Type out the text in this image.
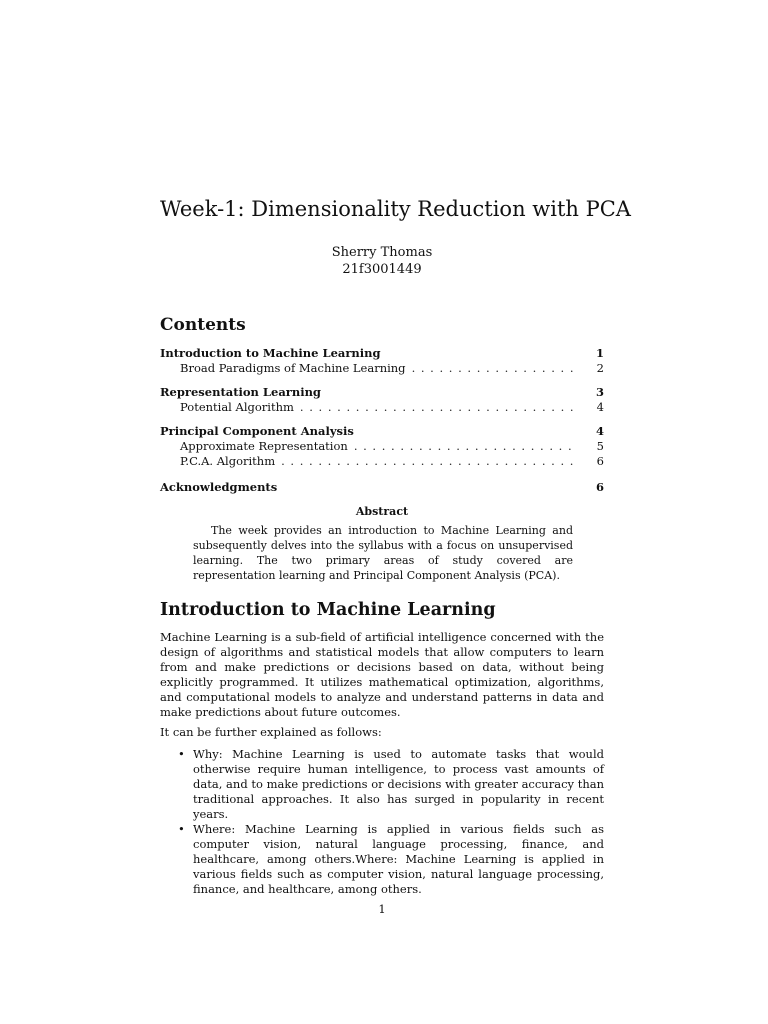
Week-1: Dimensionality Reduction with PCA
Sherry Thomas
21f3001449
Contents
Introduction to Machine Learning	1
Broad Paradigms of Machine Learning . . .	2
Representation Learning	3
Potential Algorithm . . .	4
Principal Component Analysis	4
Approximate Representation . . .	5
P.C.A. Algorithm . . .	6
Acknowledgments	6
Abstract
The week provides an introduction to Machine Learning and subsequently delves into the syllabus with a focus on unsupervised learning. The two primary areas of study covered are representation learning and Principal Component Analysis (PCA).
Introduction to Machine Learning
Machine Learning is a sub-field of artificial intelligence concerned with the design of algorithms and statistical models that allow computers to learn from and make predictions or decisions based on data, without being explicitly programmed. It utilizes mathematical optimization, algorithms, and computational models to analyze and understand patterns in data and make predictions about future outcomes.
It can be further explained as follows:
• Why: Machine Learning is used to automate tasks that would otherwise require human intelligence, to process vast amounts of data, and to make predictions or decisions with greater accuracy than traditional approaches. It also has surged in popularity in recent years.
• Where: Machine Learning is applied in various fields such as computer vision, natural language processing, finance, and healthcare, among others.Where: Machine Learning is applied in various fields such as computer vision, natural language processing, finance, and healthcare, among others.
1
